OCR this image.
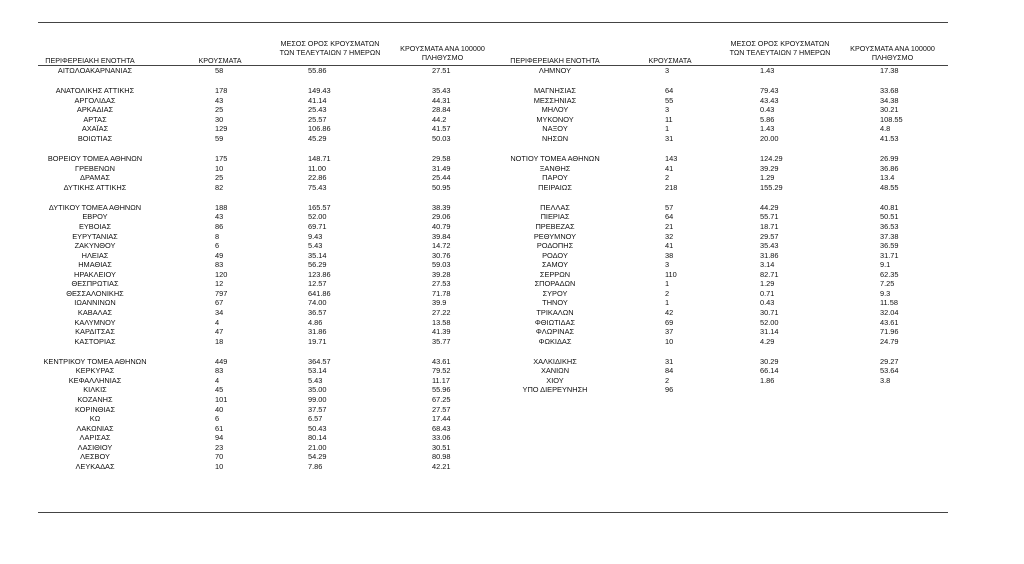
ΠΕΡΙΦΕΡΕΙΑΚΗ ΕΝΟΤΗΤΑ	ΚΡΟΥΣΜΑΤΑ
ΜΕΣΟΣ ΟΡΟΣ ΚΡΟΥΣΜΑΤΩΝ
ΤΩΝ ΤΕΛΕΥΤΑΙΩΝ 7 ΗΜΕΡΩΝ	ΚΡΟΥΣΜΑΤΑ ΑΝΑ 100000
ΠΛΗΘΥΣΜΟ	ΠΕΡΙΦΕΡΕΙΑΚΗ ΕΝΟΤΗΤΑ	ΚΡΟΥΣΜΑΤΑ
ΜΕΣΟΣ ΟΡΟΣ ΚΡΟΥΣΜΑΤΩΝ
ΤΩΝ ΤΕΛΕΥΤΑΙΩΝ 7 ΗΜΕΡΩΝ	ΚΡΟΥΣΜΑΤΑ ΑΝΑ 100000
ΠΛΗΘΥΣΜΟ
ΑΙΤΩΛΟΑΚΑΡΝΑΝΙΑΣ	58	55.86	27.51
ΑΝΑΤΟΛΙΚΗΣ ΑΤΤΙΚΗΣ	178	149.43	35.43
ΑΡΓΟΛΙΔΑΣ	43	41.14	44.31
ΑΡΚΑΔΙΑΣ	25	25.43	28.84
ΑΡΤΑΣ	30	25.57	44.2
ΑΧΑΪΑΣ	129	106.86	41.57
ΒΟΙΩΤΙΑΣ	59	45.29	50.03
ΒΟΡΕΙΟΥ ΤΟΜΕΑ ΑΘΗΝΩΝ	175	148.71	29.58
ΓΡΕΒΕΝΩΝ	10	11.00	31.49
ΔΡΑΜΑΣ	25	22.86	25.44
ΔΥΤΙΚΗΣ ΑΤΤΙΚΗΣ	82	75.43	50.95
ΔΥΤΙΚΟΥ ΤΟΜΕΑ ΑΘΗΝΩΝ	188	165.57	38.39
ΕΒΡΟΥ	43	52.00	29.06
ΕΥΒΟΙΑΣ	86	69.71	40.79
ΕΥΡΥΤΑΝΙΑΣ	8	9.43	39.84
ΖΑΚΥΝΘΟΥ	6	5.43	14.72
ΗΛΕΙΑΣ	49	35.14	30.76
ΗΜΑΘΙΑΣ	83	56.29	59.03
ΗΡΑΚΛΕΙΟΥ	120	123.86	39.28
ΘΕΣΠΡΩΤΙΑΣ	12	12.57	27.53
ΘΕΣΣΑΛΟΝΙΚΗΣ	797	641.86	71.78
ΙΩΑΝΝΙΝΩΝ	67	74.00	39.9
ΚΑΒΑΛΑΣ	34	36.57	27.22
ΚΑΛΥΜΝΟΥ	4	4.86	13.58
ΚΑΡΔΙΤΣΑΣ	47	31.86	41.39
ΚΑΣΤΟΡΙΑΣ	18	19.71	35.77
ΚΕΝΤΡΙΚΟΥ ΤΟΜΕΑ ΑΘΗΝΩΝ	449	364.57	43.61
ΚΕΡΚΥΡΑΣ	83	53.14	79.52
ΚΕΦΑΛΛΗΝΙΑΣ	4	5.43	11.17
ΚΙΛΚΙΣ	45	35.00	55.96
ΚΟΖΑΝΗΣ	101	99.00	67.25
ΚΟΡΙΝΘΙΑΣ	40	37.57	27.57
ΚΩ	6	6.57	17.44
ΛΑΚΩΝΙΑΣ	61	50.43	68.43
ΛΑΡΙΣΑΣ	94	80.14	33.06
ΛΑΣΙΘΙΟΥ	23	21.00	30.51
ΛΕΣΒΟΥ	70	54.29	80.98
ΛΕΥΚΑΔΑΣ	10	7.86	42.21
ΛΗΜΝΟΥ	3	1.43	17.38
ΜΑΓΝΗΣΙΑΣ	64	79.43	33.68
ΜΕΣΣΗΝΙΑΣ	55	43.43	34.38
ΜΗΛΟΥ	3	0.43	30.21
ΜΥΚΟΝΟΥ	11	5.86	108.55
ΝΑΞΟΥ	1	1.43	4.8
ΝΗΣΩΝ	31	20.00	41.53
ΝΟΤΙΟΥ ΤΟΜΕΑ ΑΘΗΝΩΝ	143	124.29	26.99
ΞΑΝΘΗΣ	41	39.29	36.86
ΠΑΡΟΥ	2	1.29	13.4
ΠΕΙΡΑΙΩΣ	218	155.29	48.55
ΠΕΛΛΑΣ	57	44.29	40.81
ΠΙΕΡΙΑΣ	64	55.71	50.51
ΠΡΕΒΕΖΑΣ	21	18.71	36.53
ΡΕΘΥΜΝΟΥ	32	29.57	37.38
ΡΟΔΟΠΗΣ	41	35.43	36.59
ΡΟΔΟΥ	38	31.86	31.71
ΣΑΜΟΥ	3	3.14	9.1
ΣΕΡΡΩΝ	110	82.71	62.35
ΣΠΟΡΑΔΩΝ	1	1.29	7.25
ΣΥΡΟΥ	2	0.71	9.3
ΤΗΝΟΥ	1	0.43	11.58
ΤΡΙΚΑΛΩΝ	42	30.71	32.04
ΦΘΙΩΤΙΔΑΣ	69	52.00	43.61
ΦΛΩΡΙΝΑΣ	37	31.14	71.96
ΦΩΚΙΔΑΣ	10	4.29	24.79
ΧΑΛΚΙΔΙΚΗΣ	31	30.29	29.27
ΧΑΝΙΩΝ	84	66.14	53.64
ΧΙΟΥ	2	1.86	3.8
ΥΠΟ ΔΙΕΡΕΥΝΗΣΗ	96
